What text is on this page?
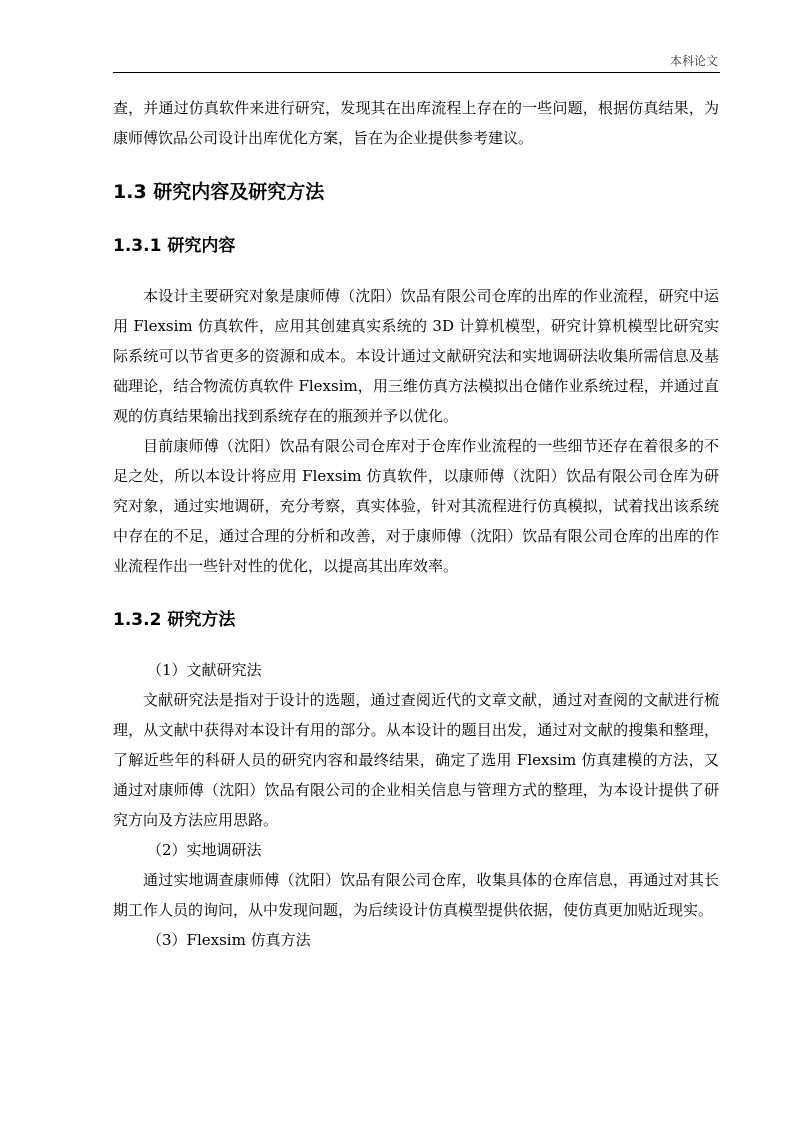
本科论文

查，并通过仿真软件来进行研究，发现其在出库流程上存在的一些问题，根据仿真结果，为康师傅饮品公司设计出库优化方案，旨在为企业提供参考建议。

1.3 研究内容及研究方法
1.3.1 研究内容

本设计主要研究对象是康师傅（沈阳）饮品有限公司仓库的出库的作业流程，研究中运用 Flexsim 仿真软件，应用其创建真实系统的 3D 计算机模型，研究计算机模型比研究实际系统可以节省更多的资源和成本。本设计通过文献研究法和实地调研法收集所需信息及基础理论，结合物流仿真软件 Flexsim，用三维仿真方法模拟出仓储作业系统过程，并通过直观的仿真结果输出找到系统存在的瓶颈并予以优化。

目前康师傅（沈阳）饮品有限公司仓库对于仓库作业流程的一些细节还存在着很多的不足之处，所以本设计将应用 Flexsim 仿真软件，以康师傅（沈阳）饮品有限公司仓库为研究对象，通过实地调研，充分考察，真实体验，针对其流程进行仿真模拟，试着找出该系统中存在的不足，通过合理的分析和改善，对于康师傅（沈阳）饮品有限公司仓库的出库的作业流程作出一些针对性的优化，以提高其出库效率。

1.3.2 研究方法
（1）文献研究法

文献研究法是指对于设计的选题，通过查阅近代的文章文献，通过对查阅的文献进行梳理，从文献中获得对本设计有用的部分。从本设计的题目出发，通过对文献的搜集和整理，了解近些年的科研人员的研究内容和最终结果，确定了选用 Flexsim 仿真建模的方法，又通过对康师傅（沈阳）饮品有限公司的企业相关信息与管理方式的整理，为本设计提供了研究方向及方法应用思路。

（2）实地调研法

通过实地调查康师傅（沈阳）饮品有限公司仓库，收集具体的仓库信息，再通过对其长期工作人员的询问，从中发现问题，为后续设计仿真模型提供依据，使仿真更加贴近现实。

（3）Flexsim 仿真方法
